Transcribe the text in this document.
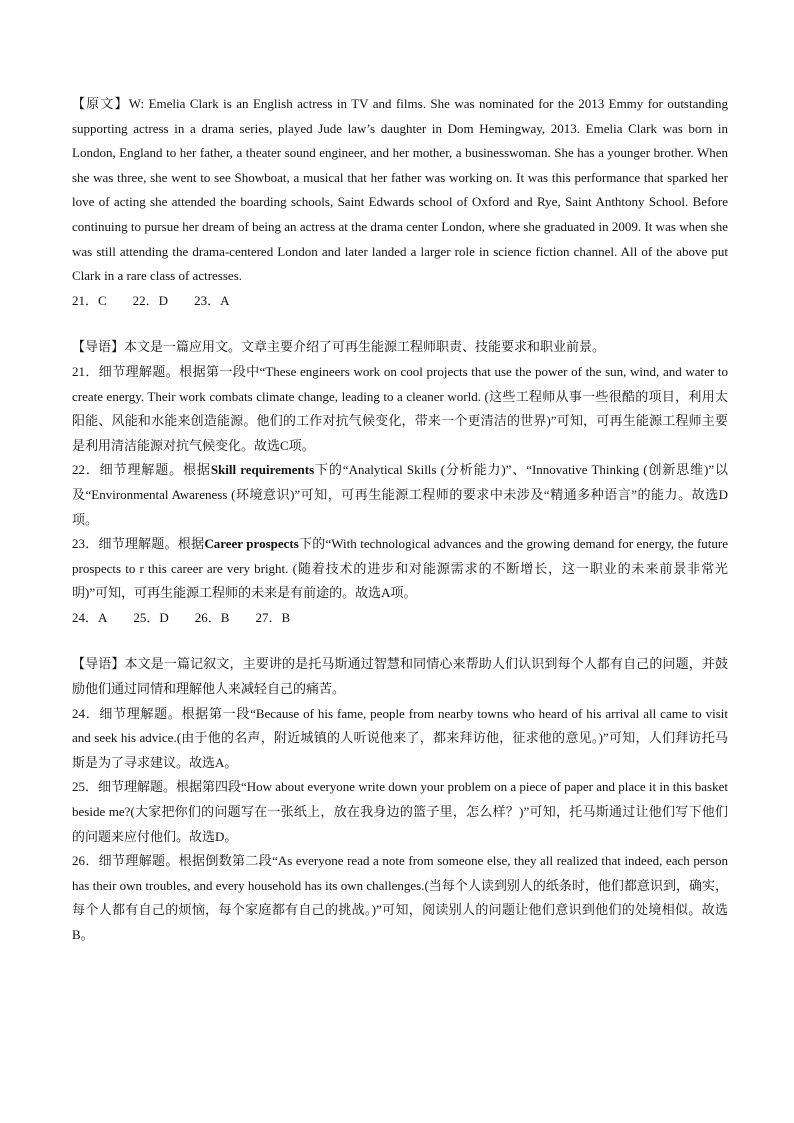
【原文】W: Emelia Clark is an English actress in TV and films. She was nominated for the 2013 Emmy for outstanding supporting actress in a drama series, played Jude law’s daughter in Dom Hemingway, 2013. Emelia Clark was born in London, England to her father, a theater sound engineer, and her mother, a businesswoman. She has a younger brother. When she was three, she went to see Showboat, a musical that her father was working on. It was this performance that sparked her love of acting she attended the boarding schools, Saint Edwards school of Oxford and Rye, Saint Anthtony School. Before continuing to pursue her dream of being an actress at the drama center London, where she graduated in 2009. It was when she was still attending the drama-centered London and later landed a larger role in science fiction channel. All of the above put Clark in a rare class of actresses.

21．C 22．D 23．A

【导语】本文是一篇应用文。文章主要介绍了可再生能源工程师职责、技能要求和职业前景。

21．细节理解题。根据第一段中“These engineers work on cool projects that use the power of the sun, wind, and water to create energy. Their work combats climate change, leading to a cleaner world. (这些工程师从事一些很酷的项目，利用太阳能、风能和水能来创造能源。他们的工作对抗气候变化，带来一个更清洁的世界)”可知，可再生能源工程师主要是利用清洁能源对抗气候变化。故选C项。

22．细节理解题。根据Skill requirements下的“Analytical Skills (分析能力)”、“Innovative Thinking (创新思维)”以及“Environmental Awareness (环境意识)”可知，可再生能源工程师的要求中未涉及“精通多种语言”的能力。故选D项。

23．细节理解题。根据Career prospects下的“With technological advances and the growing demand for energy, the future prospects to r this career are very bright. (随着技术的进步和对能源需求的不断增长，这一职业的未来前景非常光明)”可知，可再生能源工程师的未来是有前途的。故选A项。

24．A 25．D 26．B 27．B

【导语】本文是一篇记叙文，主要讲的是托马斯通过智慧和同情心来帮助人们认识到每个人都有自己的问题，并鼓励他们通过同情和理解他人来减轻自己的痛苦。

24．细节理解题。根据第一段“Because of his fame, people from nearby towns who heard of his arrival all came to visit and seek his advice.(由于他的名声，附近城镇的人听说他来了，都来拜访他，征求他的意见。)”可知，人们拜访托马斯是为了寻求建议。故选A。

25．细节理解题。根据第四段“How about everyone write down your problem on a piece of paper and place it in this basket beside me?(大家把你们的问题写在一张纸上，放在我身边的篮子里，怎么样？)”可知，托马斯通过让他们写下他们的问题来应付他们。故选D。

26．细节理解题。根据倒数第二段“As everyone read a note from someone else, they all realized that indeed, each person has their own troubles, and every household has its own challenges.(当每个人读到别人的纸条时，他们都意识到，确实，每个人都有自己的烦恼，每个家庭都有自己的挑战。)”可知，阅读别人的问题让他们意识到他们的处境相似。故选B。
